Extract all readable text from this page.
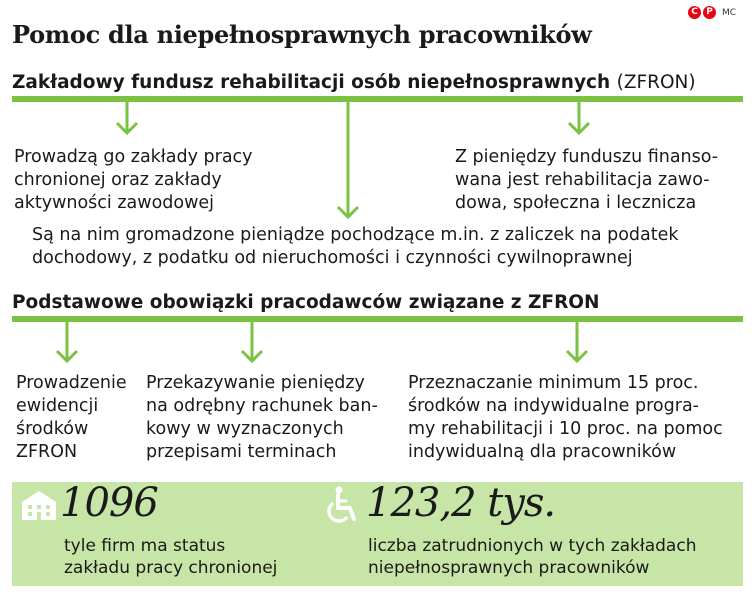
Pomoc dla niepełnosprawnych pracowników
C P	MC
Zakładowy fundusz rehabilitacji osób niepełnosprawnych (ZFRON)
Prowadzą go zakłady pracy
chronionej oraz zakłady
aktywności zawodowej
Z pieniędzy funduszu finanso-
wana jest rehabilitacja zawo-
dowa, społeczna i lecznicza
Są na nim gromadzone pieniądze pochodzące m.in. z zaliczek na podatek
dochodowy, z podatku od nieruchomości i czynności cywilnoprawnej
Podstawowe obowiązki pracodawców związane z ZFRON
Prowadzenie
ewidencji
środków
ZFRON
Przekazywanie pieniędzy
na odrębny rachunek ban-
kowy w wyznaczonych
przepisami terminach
Przeznaczanie minimum 15 proc.
środków na indywidualne progra-
my rehabilitacji i 10 proc. na pomoc
indywidualną dla pracowników
1096
tyle firm ma status
zakładu pracy chronionej
123,2 tys.
liczba zatrudnionych w tych zakładach
niepełnosprawnych pracowników
